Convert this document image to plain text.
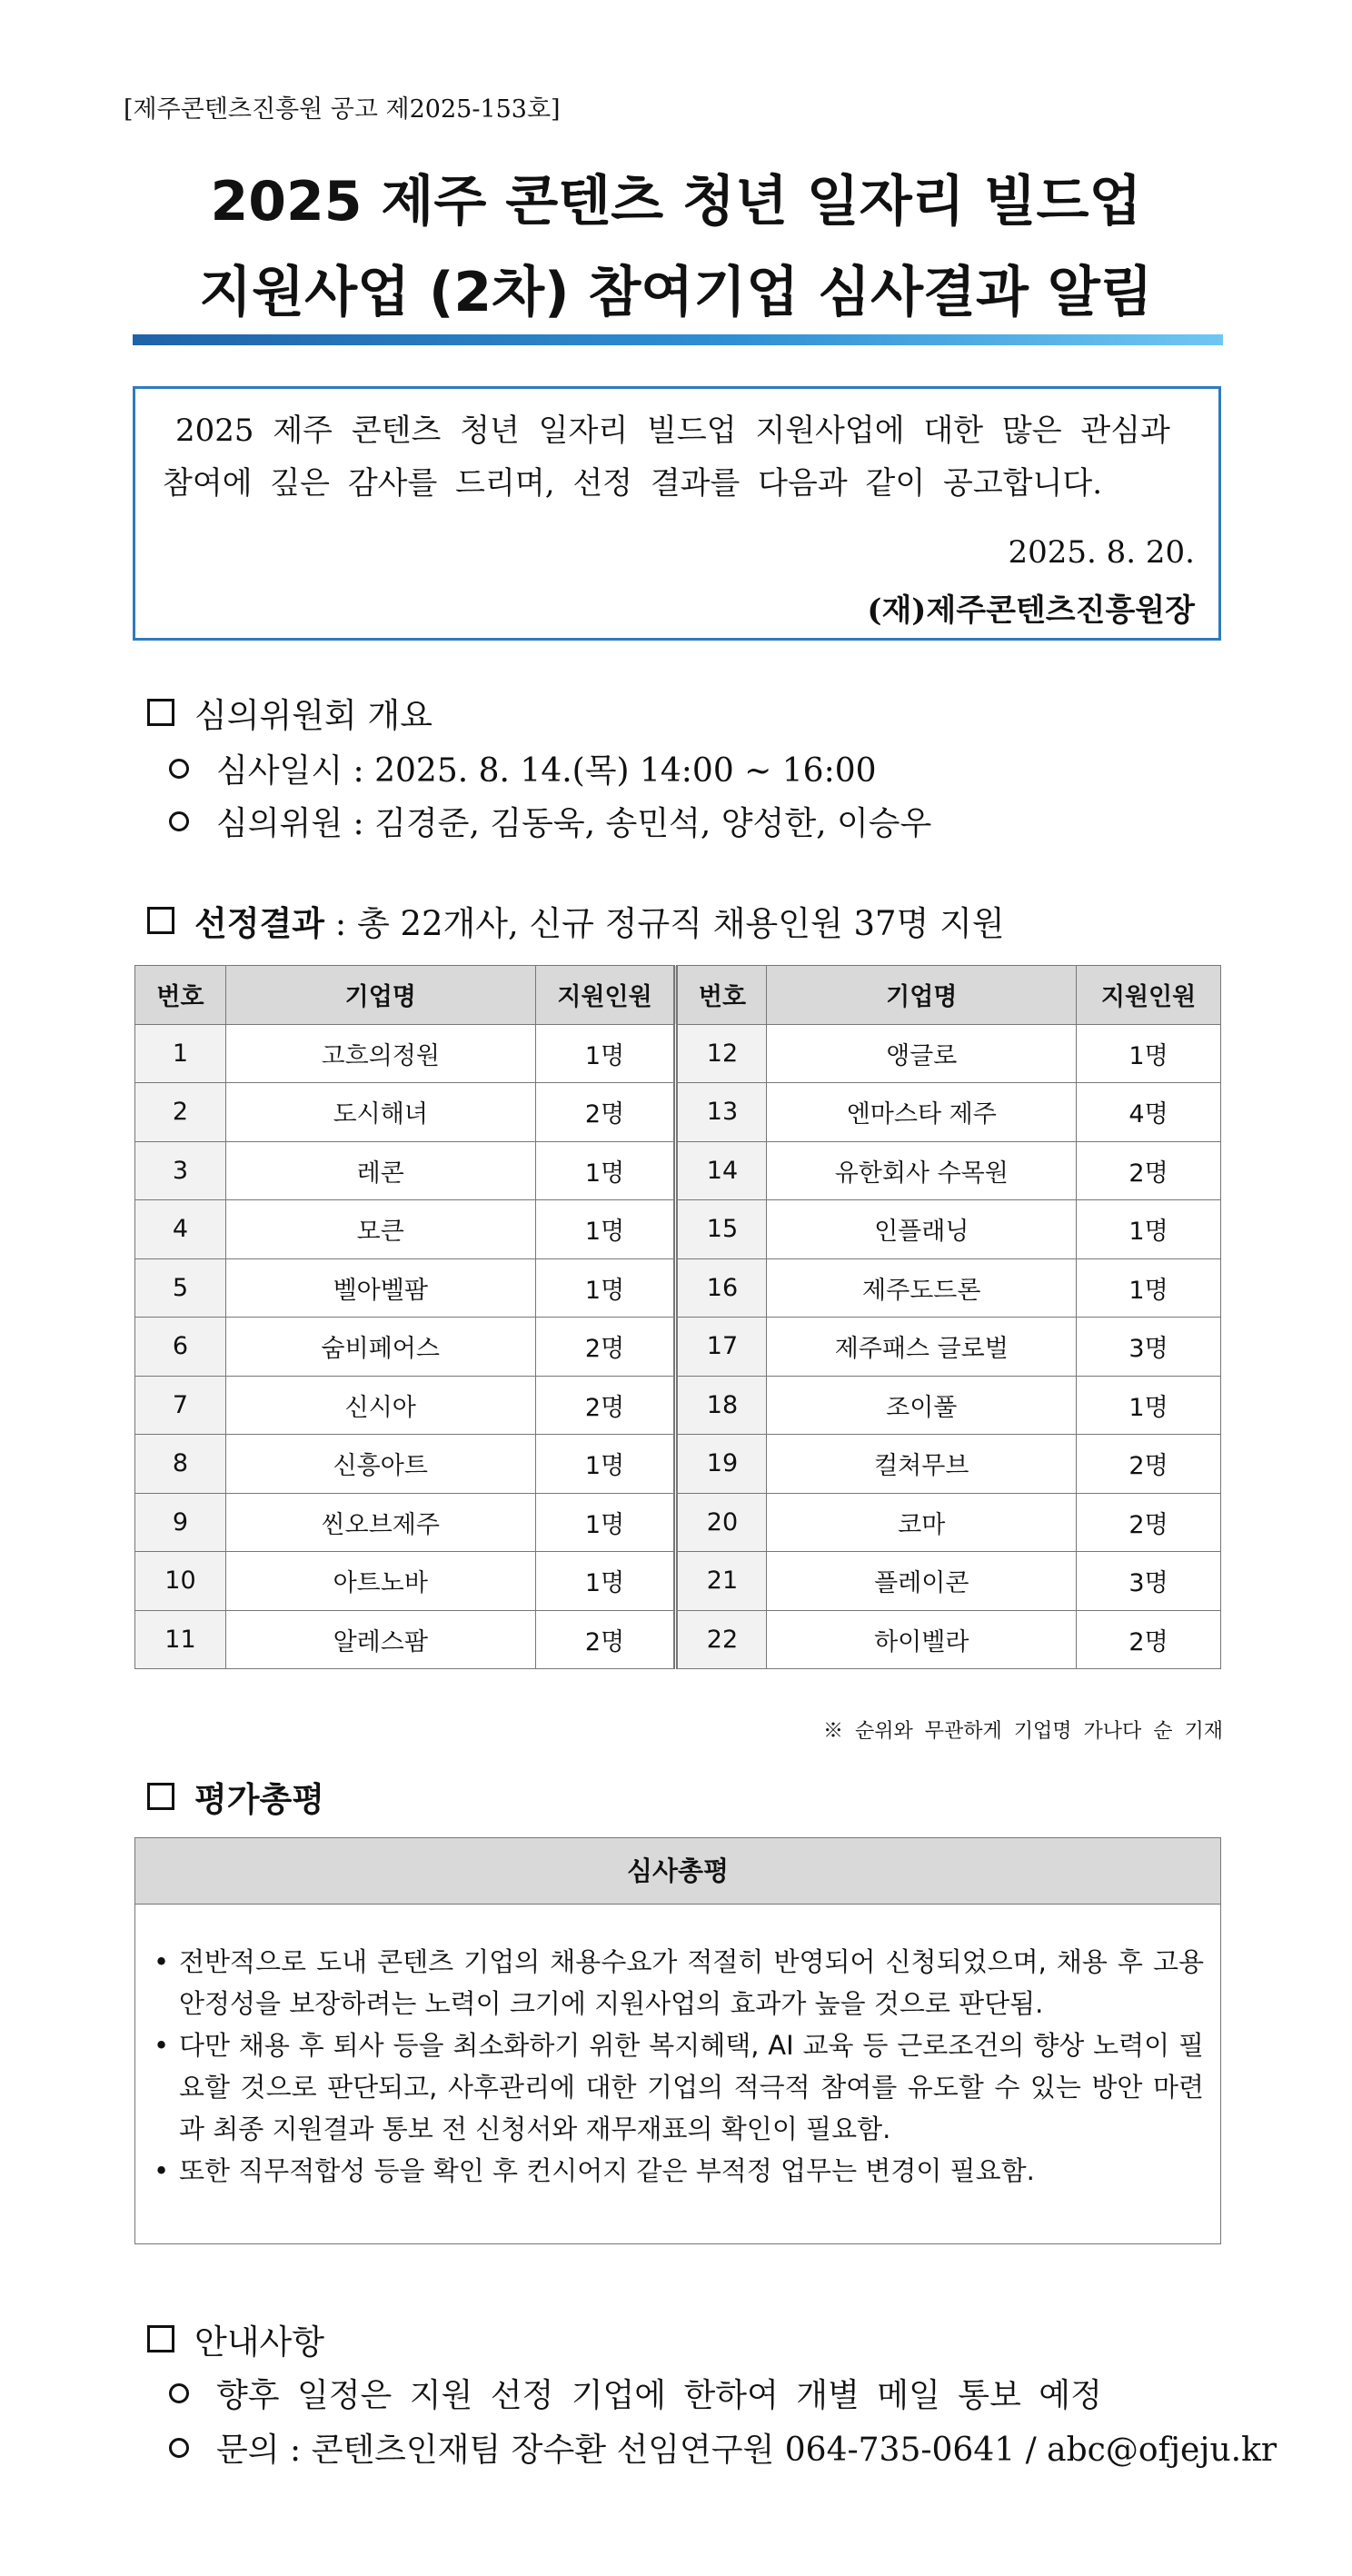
[제주콘텐츠진흥원 공고 제2025-153호]
2025 제주 콘텐츠 청년 일자리 빌드업
지원사업 (2차) 참여기업 심사결과 알림
2025 제주 콘텐츠 청년 일자리 빌드업 지원사업에 대한 많은 관심과
참여에 깊은 감사를 드리며, 선정 결과를 다음과 같이 공고합니다.
2025. 8. 20.
(재)제주콘텐츠진흥원장
심의위원회 개요
심사일시 : 2025. 8. 14.(목) 14:00 ~ 16:00
심의위원 : 김경준, 김동욱, 송민석, 양성한, 이승우
선정결과 : 총 22개사, 신규 정규직 채용인원 37명 지원
번호	기업명	지원인원	번호	기업명	지원인원
1	고흐의정원	1명	12	앵글로	1명
2	도시해녀	2명	13	엔마스타 제주	4명
3	레콘	1명	14	유한회사 수목원	2명
4	모큰	1명	15	인플래닝	1명
5	벨아벨팜	1명	16	제주도드론	1명
6	숨비페어스	2명	17	제주패스 글로벌	3명
7	신시아	2명	18	조이풀	1명
8	신흥아트	1명	19	컬쳐무브	2명
9	씬오브제주	1명	20	코마	2명
10	아트노바	1명	21	플레이콘	3명
11	알레스팜	2명	22	하이벨라	2명
※ 순위와 무관하게 기업명 가나다 순 기재
평가총평
심사총평
• 전반적으로 도내 콘텐츠 기업의 채용수요가 적절히 반영되어 신청되었으며, 채용 후 고용 안정성을 보장하려는 노력이 크기에 지원사업의 효과가 높을 것으로 판단됨.
• 다만 채용 후 퇴사 등을 최소화하기 위한 복지혜택, AI 교육 등 근로조건의 향상 노력이 필요할 것으로 판단되고, 사후관리에 대한 기업의 적극적 참여를 유도할 수 있는 방안 마련과 최종 지원결과 통보 전 신청서와 재무재표의 확인이 필요함.
• 또한 직무적합성 등을 확인 후 컨시어지 같은 부적정 업무는 변경이 필요함.
안내사항
향후 일정은 지원 선정 기업에 한하여 개별 메일 통보 예정
문의 : 콘텐츠인재팀 장수환 선임연구원 064-735-0641 / abc@ofjeju.kr
